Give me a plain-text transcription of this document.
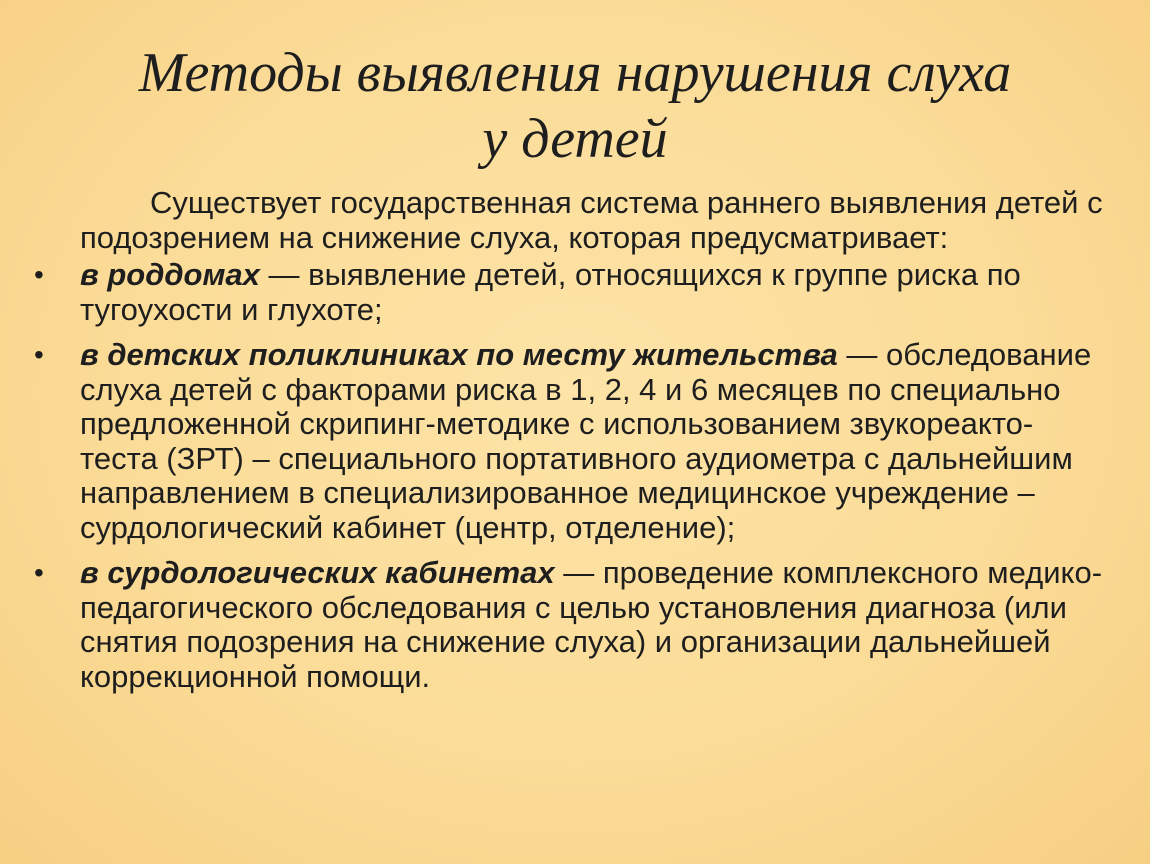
Методы выявления нарушения слуха
у детей

Существует государственная система раннего выявления детей с подозрением на снижение слуха, которая предусматривает:

• в роддомах — выявление детей, относящихся к группе риска по тугоухости и глухоте;
• в детских поликлиниках по месту жительства — обследование слуха детей с факторами риска в 1, 2, 4 и 6 месяцев по специально предложенной скрипинг-методике с использованием звукореакто-теста (ЗРТ) – специального портативного аудиометра с дальнейшим направлением в специализированное медицинское учреждение – сурдологический кабинет (центр, отделение);
• в сурдологических кабинетах — проведение комплексного медико-педагогического обследования с целью установления диагноза (или снятия подозрения на снижение слуха) и организации дальнейшей коррекционной помощи.
